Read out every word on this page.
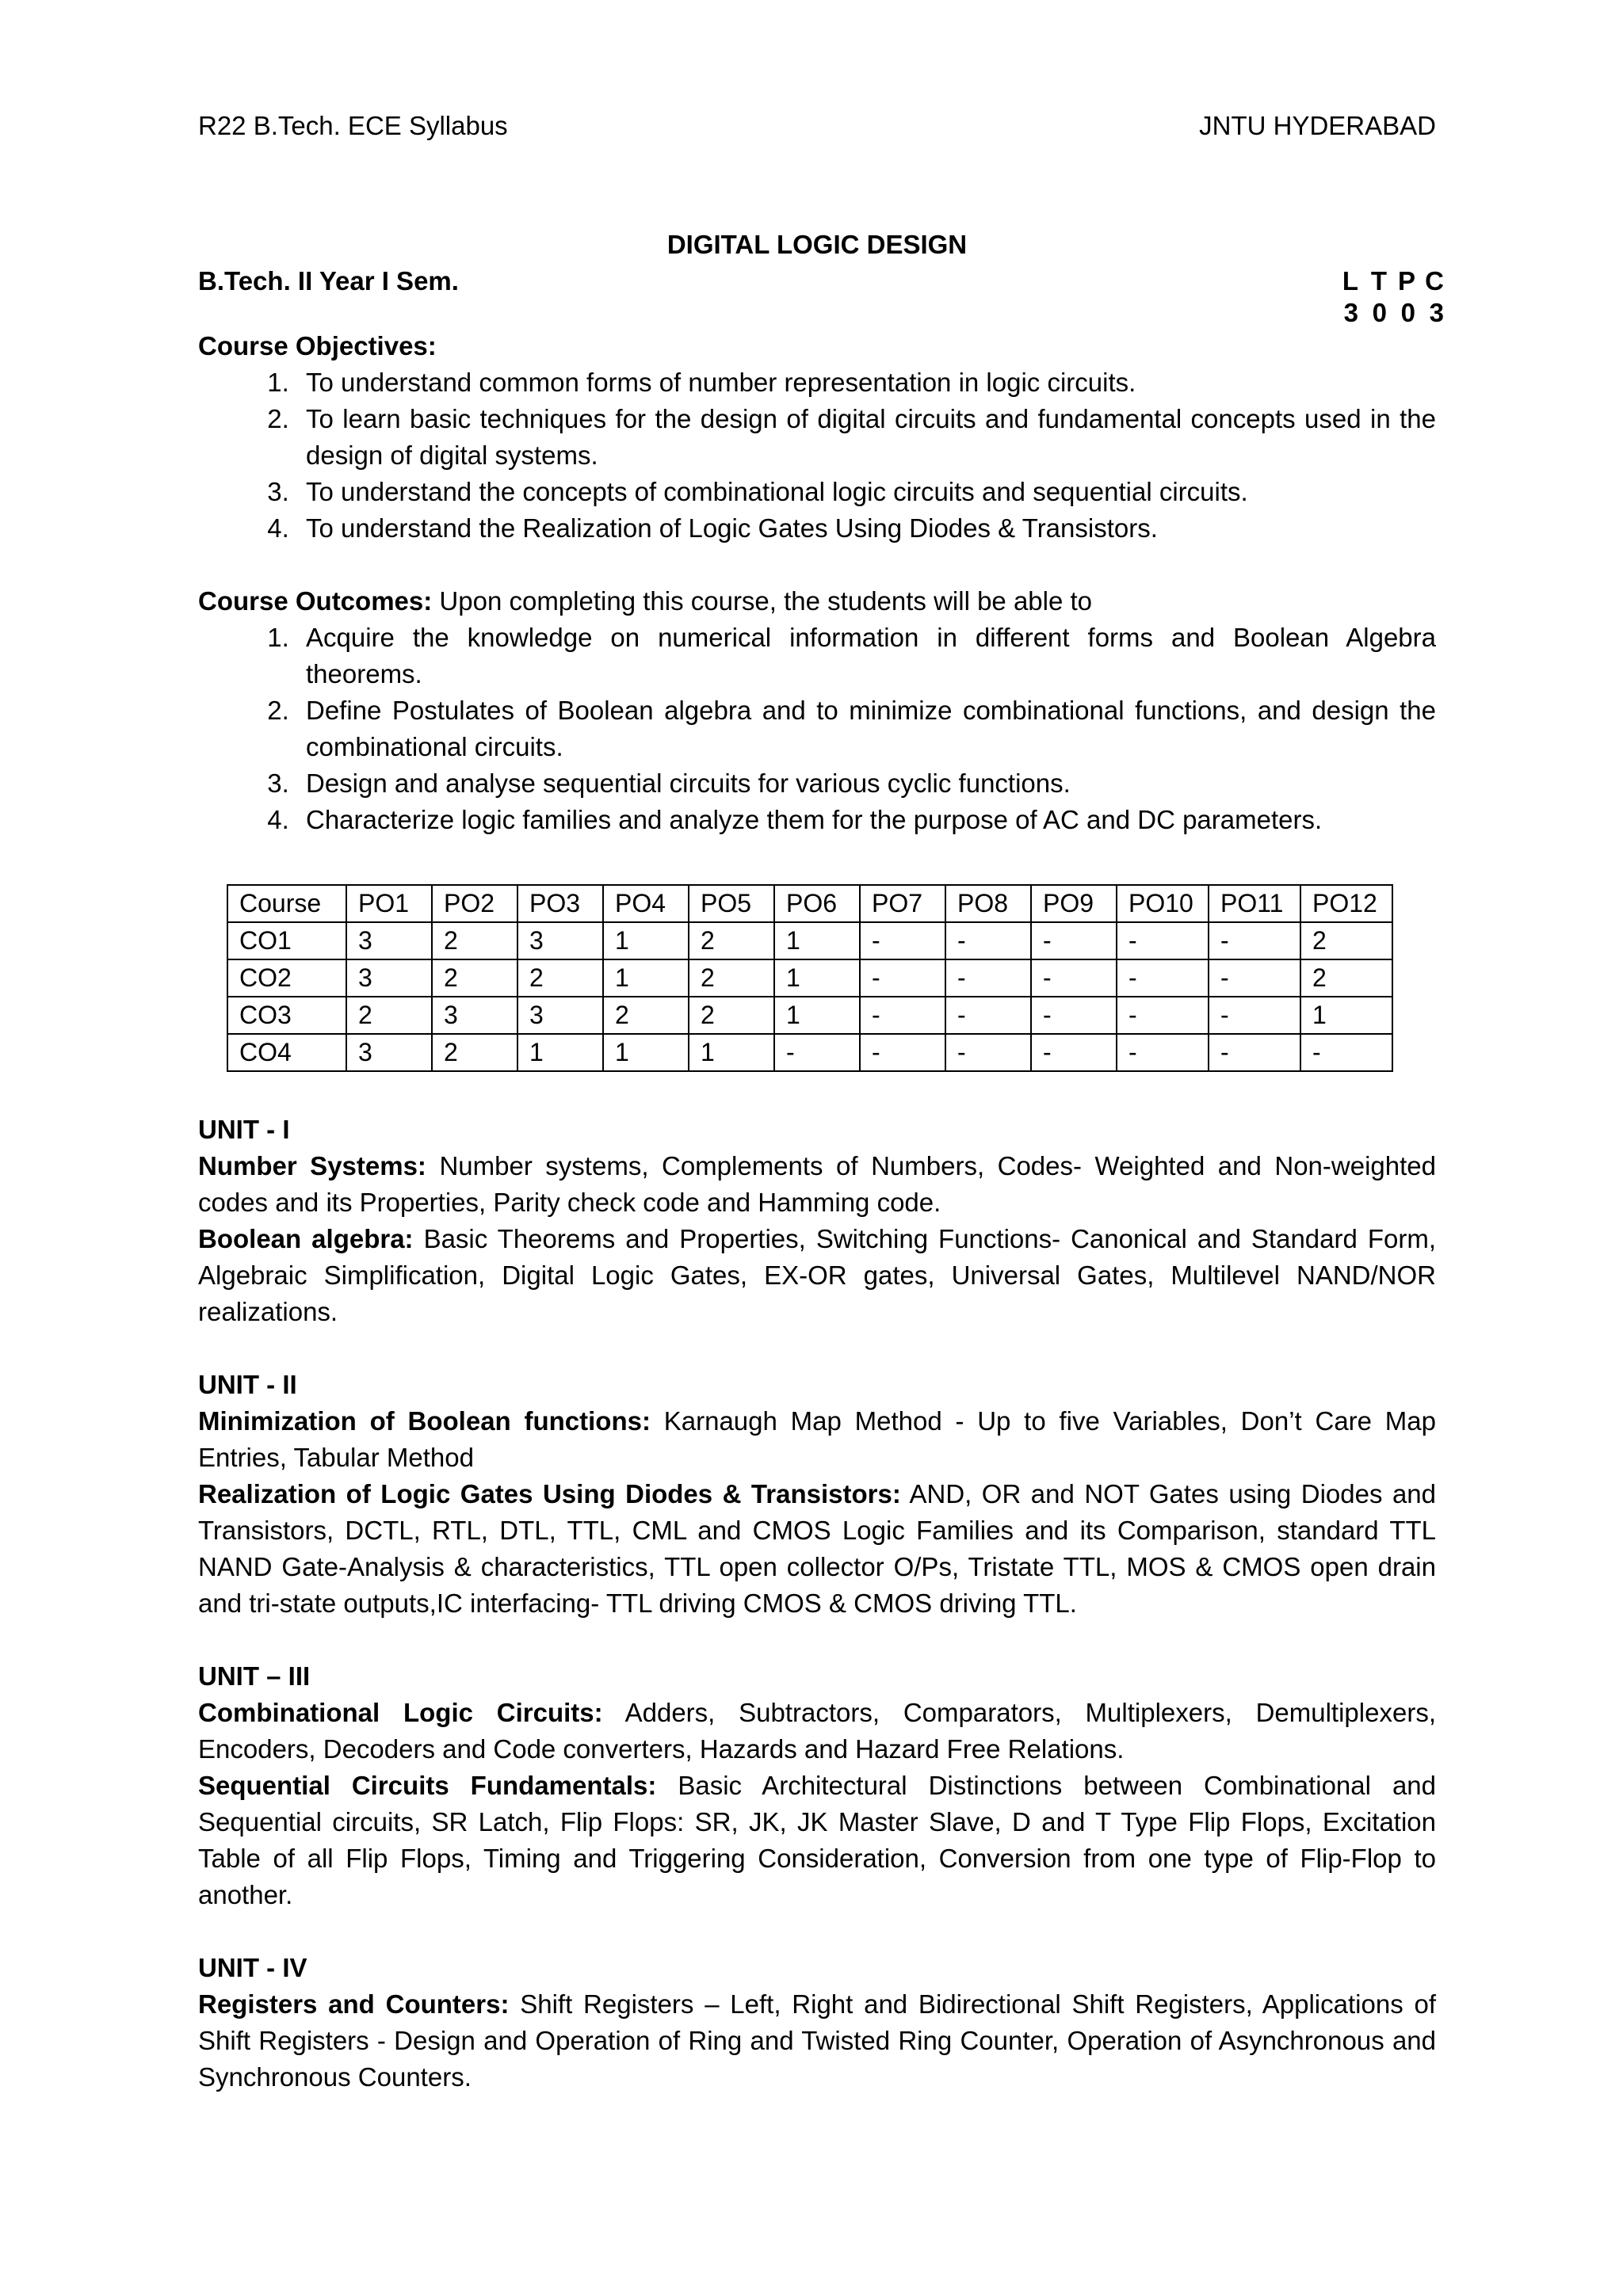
R22 B.Tech. ECE Syllabus	JNTU HYDERABAD
DIGITAL LOGIC DESIGN
B.Tech. II Year I Sem.	L T P C
3 0 0 3

Course Objectives:

1. To understand common forms of number representation in logic circuits.
2. To learn basic techniques for the design of digital circuits and fundamental concepts used in the design of digital systems.
3. To understand the concepts of combinational logic circuits and sequential circuits.
4. To understand the Realization of Logic Gates Using Diodes & Transistors.

Course Outcomes: Upon completing this course, the students will be able to

1. Acquire the knowledge on numerical information in different forms and Boolean Algebra theorems.
2. Define Postulates of Boolean algebra and to minimize combinational functions, and design the combinational circuits.
3. Design and analyse sequential circuits for various cyclic functions.
4. Characterize logic families and analyze them for the purpose of AC and DC parameters.
Course	PO1	PO2	PO3	PO4	PO5	PO6	PO7	PO8	PO9	PO10	PO11	PO12
CO1	3	2	3	1	2	1	-	-	-	-	-	2
CO2	3	2	2	1	2	1	-	-	-	-	-	2
CO3	2	3	3	2	2	1	-	-	-	-	-	1
CO4	3	2	1	1	1	-	-	-	-	-	-	-

UNIT - I

Number Systems: Number systems, Complements of Numbers, Codes- Weighted and Non-weighted codes and its Properties, Parity check code and Hamming code.

Boolean algebra: Basic Theorems and Properties, Switching Functions- Canonical and Standard Form, Algebraic Simplification, Digital Logic Gates, EX-OR gates, Universal Gates, Multilevel NAND/NOR realizations.

UNIT - II

Minimization of Boolean functions: Karnaugh Map Method - Up to five Variables, Don’t Care Map Entries, Tabular Method

Realization of Logic Gates Using Diodes & Transistors: AND, OR and NOT Gates using Diodes and Transistors, DCTL, RTL, DTL, TTL, CML and CMOS Logic Families and its Comparison, standard TTL NAND Gate-Analysis & characteristics, TTL open collector O/Ps, Tristate TTL, MOS & CMOS open drain and tri-state outputs,IC interfacing- TTL driving CMOS & CMOS driving TTL.

UNIT – III

Combinational Logic Circuits: Adders, Subtractors, Comparators, Multiplexers, Demultiplexers, Encoders, Decoders and Code converters, Hazards and Hazard Free Relations.

Sequential Circuits Fundamentals: Basic Architectural Distinctions between Combinational and Sequential circuits, SR Latch, Flip Flops: SR, JK, JK Master Slave, D and T Type Flip Flops, Excitation Table of all Flip Flops, Timing and Triggering Consideration, Conversion from one type of Flip-Flop to another.

UNIT - IV

Registers and Counters: Shift Registers – Left, Right and Bidirectional Shift Registers, Applications of Shift Registers - Design and Operation of Ring and Twisted Ring Counter, Operation of Asynchronous and Synchronous Counters.
